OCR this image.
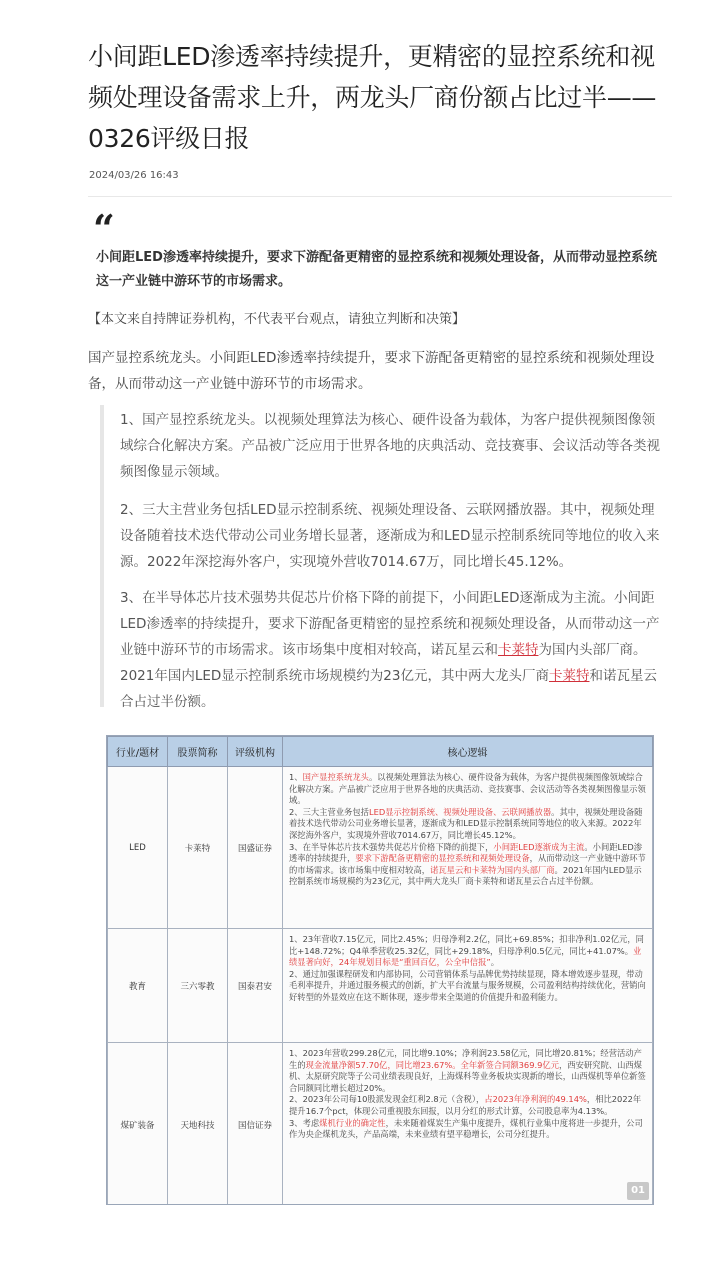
小间距LED渗透率持续提升，更精密的显控系统和视频处理设备需求上升，两龙头厂商份额占比过半——0326评级日报
2024/03/26 16:43
“

小间距LED渗透率持续提升，要求下游配备更精密的显控系统和视频处理设备，从而带动显控系统这一产业链中游环节的市场需求。

【本文来自持牌证券机构，不代表平台观点，请独立判断和决策】

国产显控系统龙头。小间距LED渗透率持续提升，要求下游配备更精密的显控系统和视频处理设备，从而带动这一产业链中游环节的市场需求。

1、国产显控系统龙头。以视频处理算法为核心、硬件设备为载体，为客户提供视频图像领域综合化解决方案。产品被广泛应用于世界各地的庆典活动、竞技赛事、会议活动等各类视频图像显示领域。

2、三大主营业务包括LED显示控制系统、视频处理设备、云联网播放器。其中，视频处理设备随着技术迭代带动公司业务增长显著，逐渐成为和LED显示控制系统同等地位的收入来源。2022年深挖海外客户，实现境外营收7014.67万，同比增长45.12%。

3、在半导体芯片技术强势共促芯片价格下降的前提下，小间距LED逐渐成为主流。小间距LED渗透率的持续提升，要求下游配备更精密的显控系统和视频处理设备，从而带动这一产业链中游环节的市场需求。该市场集中度相对较高，诺瓦星云和卡莱特为国内头部厂商。2021年国内LED显示控制系统市场规模约为23亿元，其中两大龙头厂商卡莱特和诺瓦星云合占过半份额。

行业/题材	股票简称	评级机构	核心逻辑
LED	卡莱特	国盛证券	1、国产显控系统龙头。以视频处理算法为核心、硬件设备为载体，为客户提供视频图像领域综合化解决方案。产品被广泛应用于世界各地的庆典活动、竞技赛事、会议活动等各类视频图像显示领域。
2、三大主营业务包括LED显示控制系统、视频处理设备、云联网播放器。其中，视频处理设备随着技术迭代带动公司业务增长显著，逐渐成为和LED显示控制系统同等地位的收入来源。2022年深挖海外客户，实现境外营收7014.67万，同比增长45.12%。
3、在半导体芯片技术强势共促芯片价格下降的前提下，小间距LED逐渐成为主流。小间距LED渗透率的持续提升，要求下游配备更精密的显控系统和视频处理设备，从而带动这一产业链中游环节的市场需求。该市场集中度相对较高，诺瓦星云和卡莱特为国内头部厂商。2021年国内LED显示控制系统市场规模约为23亿元，其中两大龙头厂商卡莱特和诺瓦星云合占过半份额。
教育	三六零教	国泰君安	1、23年营收7.15亿元，同比2.45%；归母净利2.2亿，同比+69.85%；扣非净利1.02亿元，同比+148.72%；Q4单季营收25.32亿，同比+29.18%，归母净利0.5亿元，同比+41.07%。业绩显著向好，24年规划目标是“重回百亿，公全申信报”。
2、通过加强课程研发和内部协同，公司营销体系与品牌优势持续显现，降本增效逐步显现，带动毛利率提升，并通过服务模式的创新，扩大平台流量与服务规模，公司盈利结构持续优化，营销向好转型的外显效应在这不断体现，逐步带来全渠道的价值提升和盈利能力。
煤矿装备	天地科技	国信证券	1、2023年营收299.28亿元，同比增9.10%；净利润23.58亿元，同比增20.81%；经营活动产生的现金流量净额57.70亿，同比增23.67%。全年新签合同额369.9亿元，西安研究院、山西煤机、太原研究院等子公司业绩表现良好，上海煤科等业务板块实现新的增长，山西煤机等单位新签合同额同比增长超过20%。
2、2023年公司每10股派发现金红利2.8元（含税），占2023年净利润的49.14%，相比2022年提升16.7个pct，体现公司重视股东回报，以月分红的形式计算，公司股息率为4.13%。
3、考虑煤机行业的确定性，未来随着煤炭生产集中度提升，煤机行业集中度将进一步提升，公司作为央企煤机龙头，产品高端，未来业绩有望平稳增长，公司分红提升。
01
